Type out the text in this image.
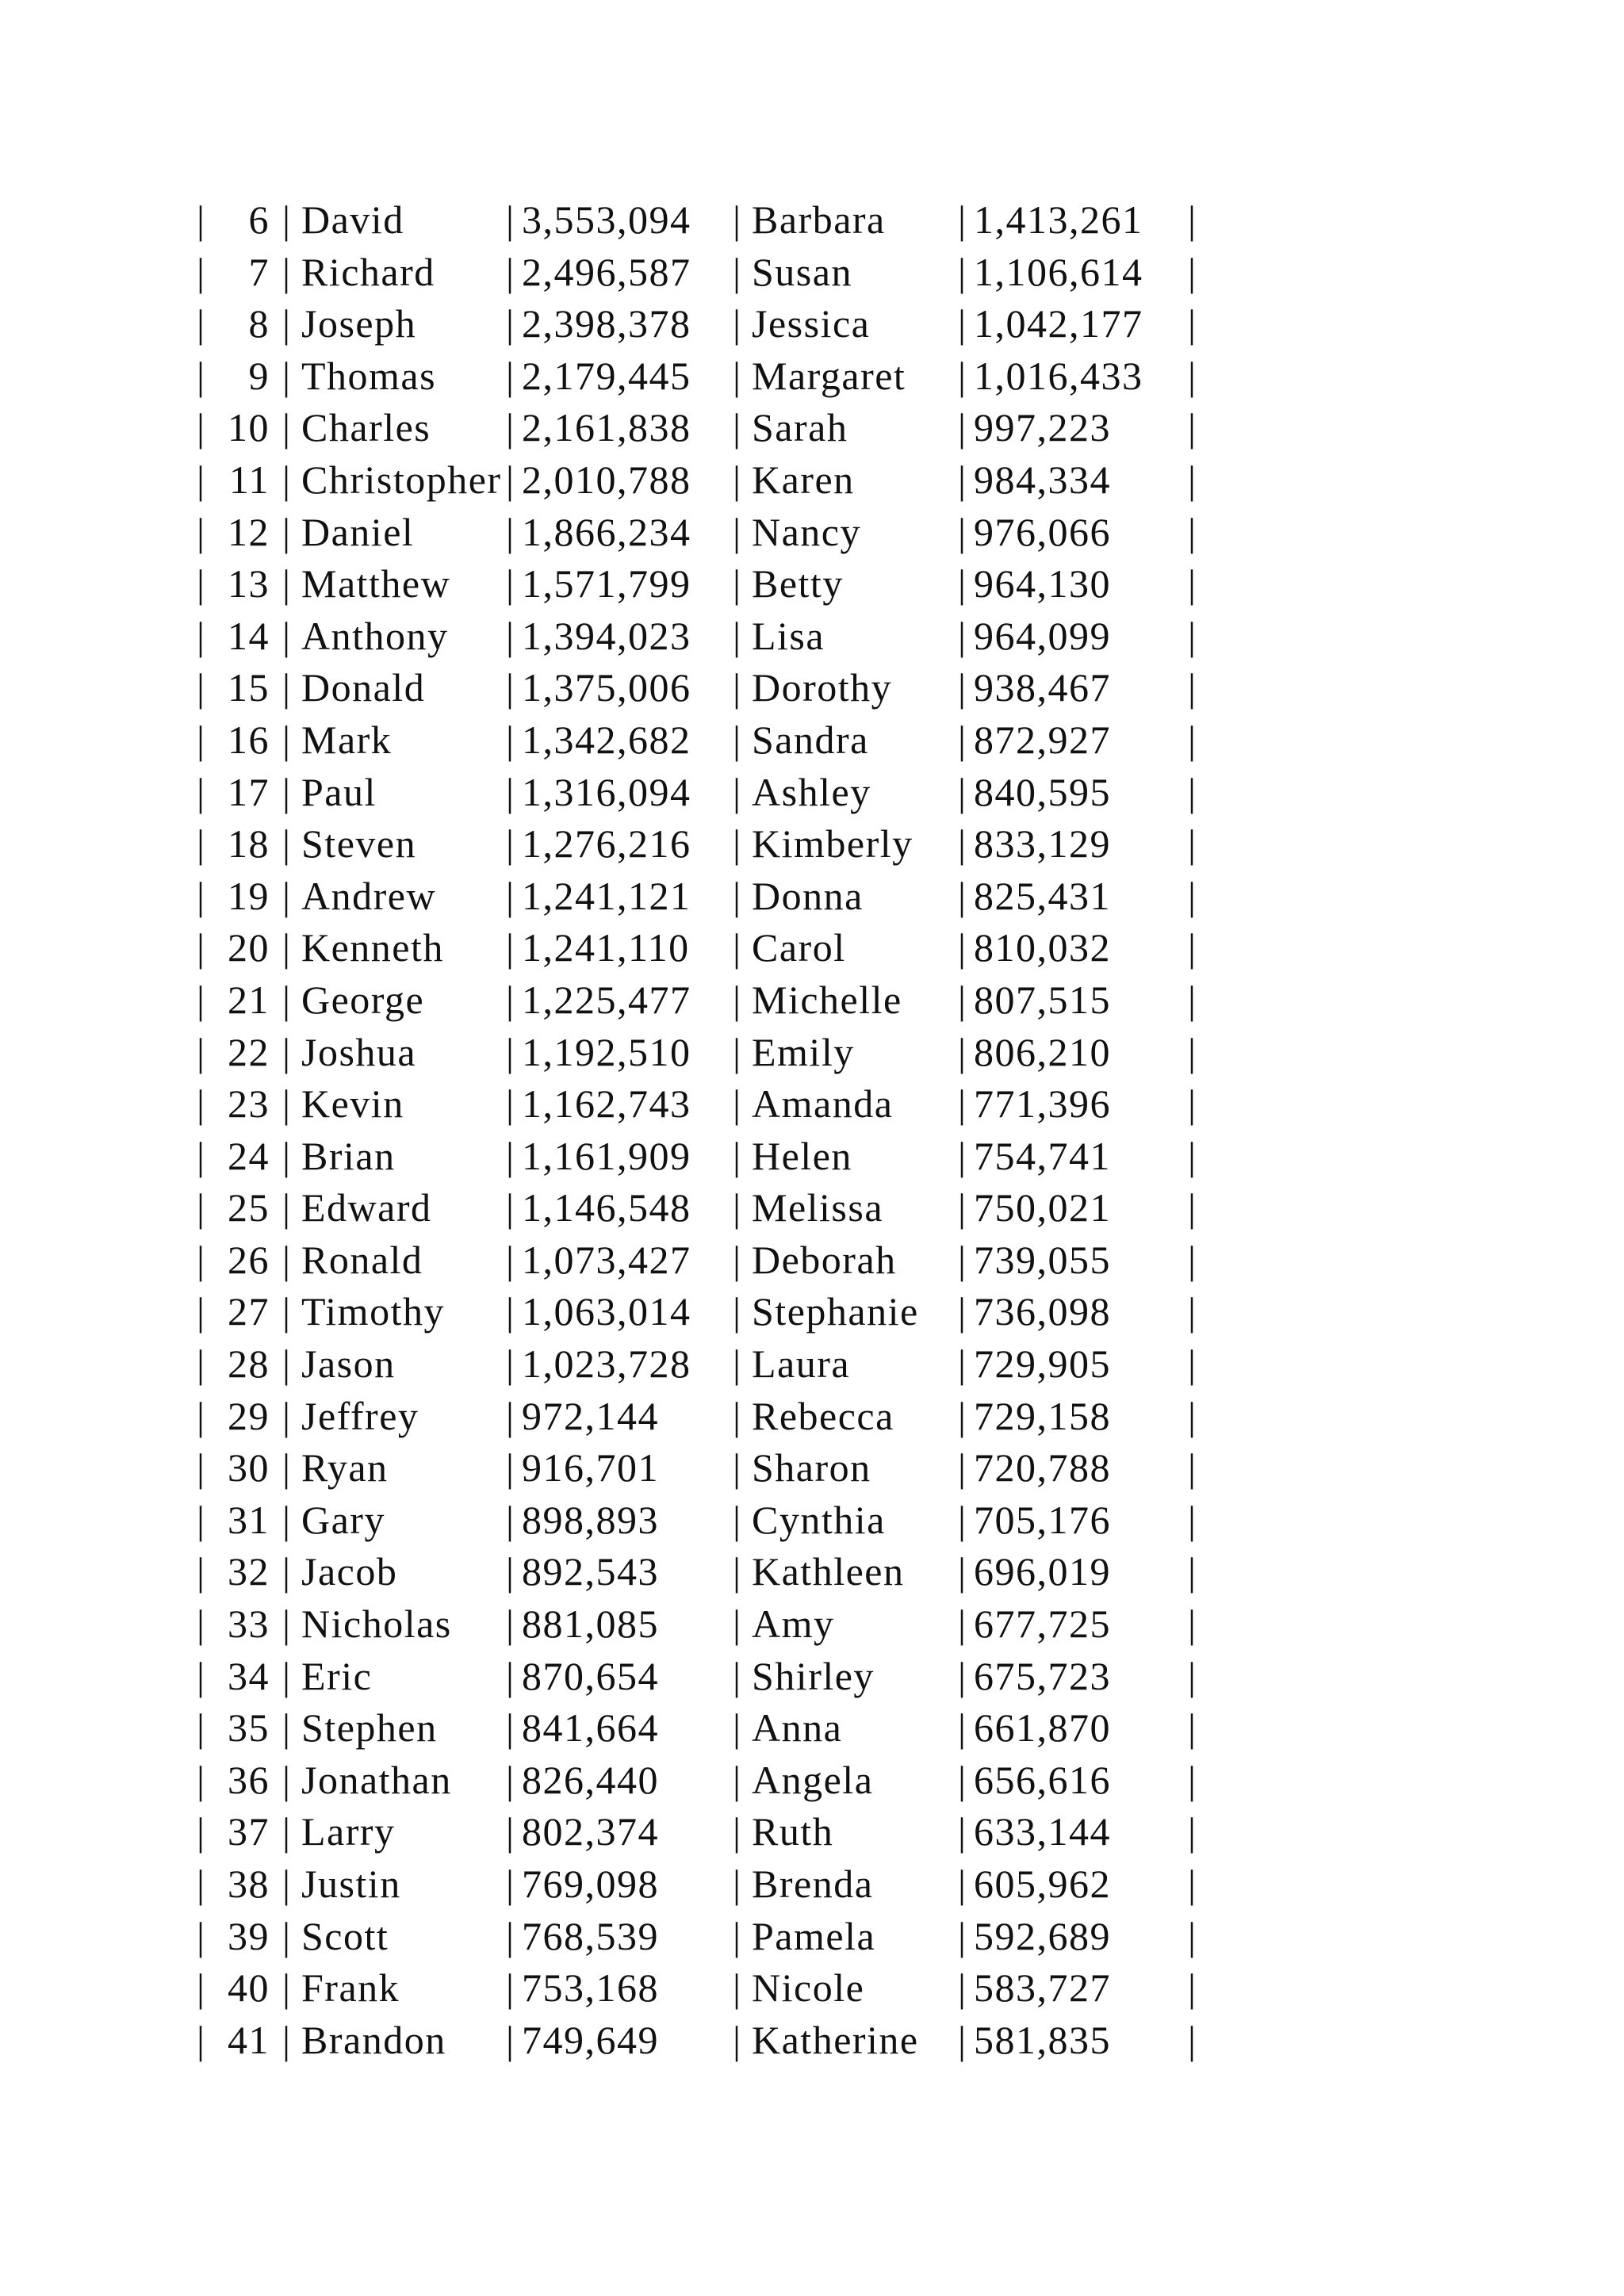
|	6 | David	| 3,553,094 | Barbara | 1,413,261 |
|	7 | Richard | 2,496,587 | Susan	| 1,106,614 |
|	8 | Joseph | 2,398,378 | Jessica | 1,042,177 |
|	9 | Thomas | 2,179,445 | Margaret | 1,016,433 |
| 10 | Charles | 2,161,838 | Sarah	| 997,223 |
| 11 | Christopher | 2,010,788 | Karen	| 984,334 |
| 12 | Daniel | 1,866,234 | Nancy | 976,066 |
| 13 | Matthew | 1,571,799 | Betty	| 964,130 |
| 14 | Anthony | 1,394,023 | Lisa	| 964,099 |
| 15 | Donald | 1,375,006 | Dorothy | 938,467 |
| 16 | Mark	| 1,342,682 | Sandra | 872,927 |
| 17 | Paul	| 1,316,094 | Ashley | 840,595 |
| 18 | Steven | 1,276,216 | Kimberly | 833,129 |
| 19 | Andrew | 1,241,121 | Donna | 825,431 |
| 20 | Kenneth | 1,241,110 | Carol	| 810,032 |
| 21 | George | 1,225,477 | Michelle | 807,515 |
| 22 | Joshua | 1,192,510 | Emily	| 806,210 |
| 23 | Kevin	| 1,162,743 | Amanda | 771,396 |
| 24 | Brian	| 1,161,909 | Helen	| 754,741 |
| 25 | Edward | 1,146,548 | Melissa | 750,021 |
| 26 | Ronald | 1,073,427 | Deborah | 739,055 |
| 27 | Timothy | 1,063,014 | Stephanie | 736,098 |
| 28 | Jason	| 1,023,728 | Laura	| 729,905 |
| 29 | Jeffrey | 972,144 | Rebecca | 729,158 |
| 30 | Ryan	| 916,701 | Sharon | 720,788 |
| 31 | Gary	| 898,893 | Cynthia | 705,176 |
| 32 | Jacob	| 892,543 | Kathleen | 696,019 |
| 33 | Nicholas | 881,085 | Amy	| 677,725 |
| 34 | Eric	| 870,654 | Shirley | 675,723 |
| 35 | Stephen | 841,664 | Anna	| 661,870 |
| 36 | Jonathan | 826,440 | Angela | 656,616 |
| 37 | Larry	| 802,374 | Ruth	| 633,144 |
| 38 | Justin	| 769,098 | Brenda | 605,962 |
| 39 | Scott	| 768,539 | Pamela | 592,689 |
| 40 | Frank	| 753,168 | Nicole | 583,727 |
| 41 | Brandon | 749,649 | Katherine | 581,835 |
